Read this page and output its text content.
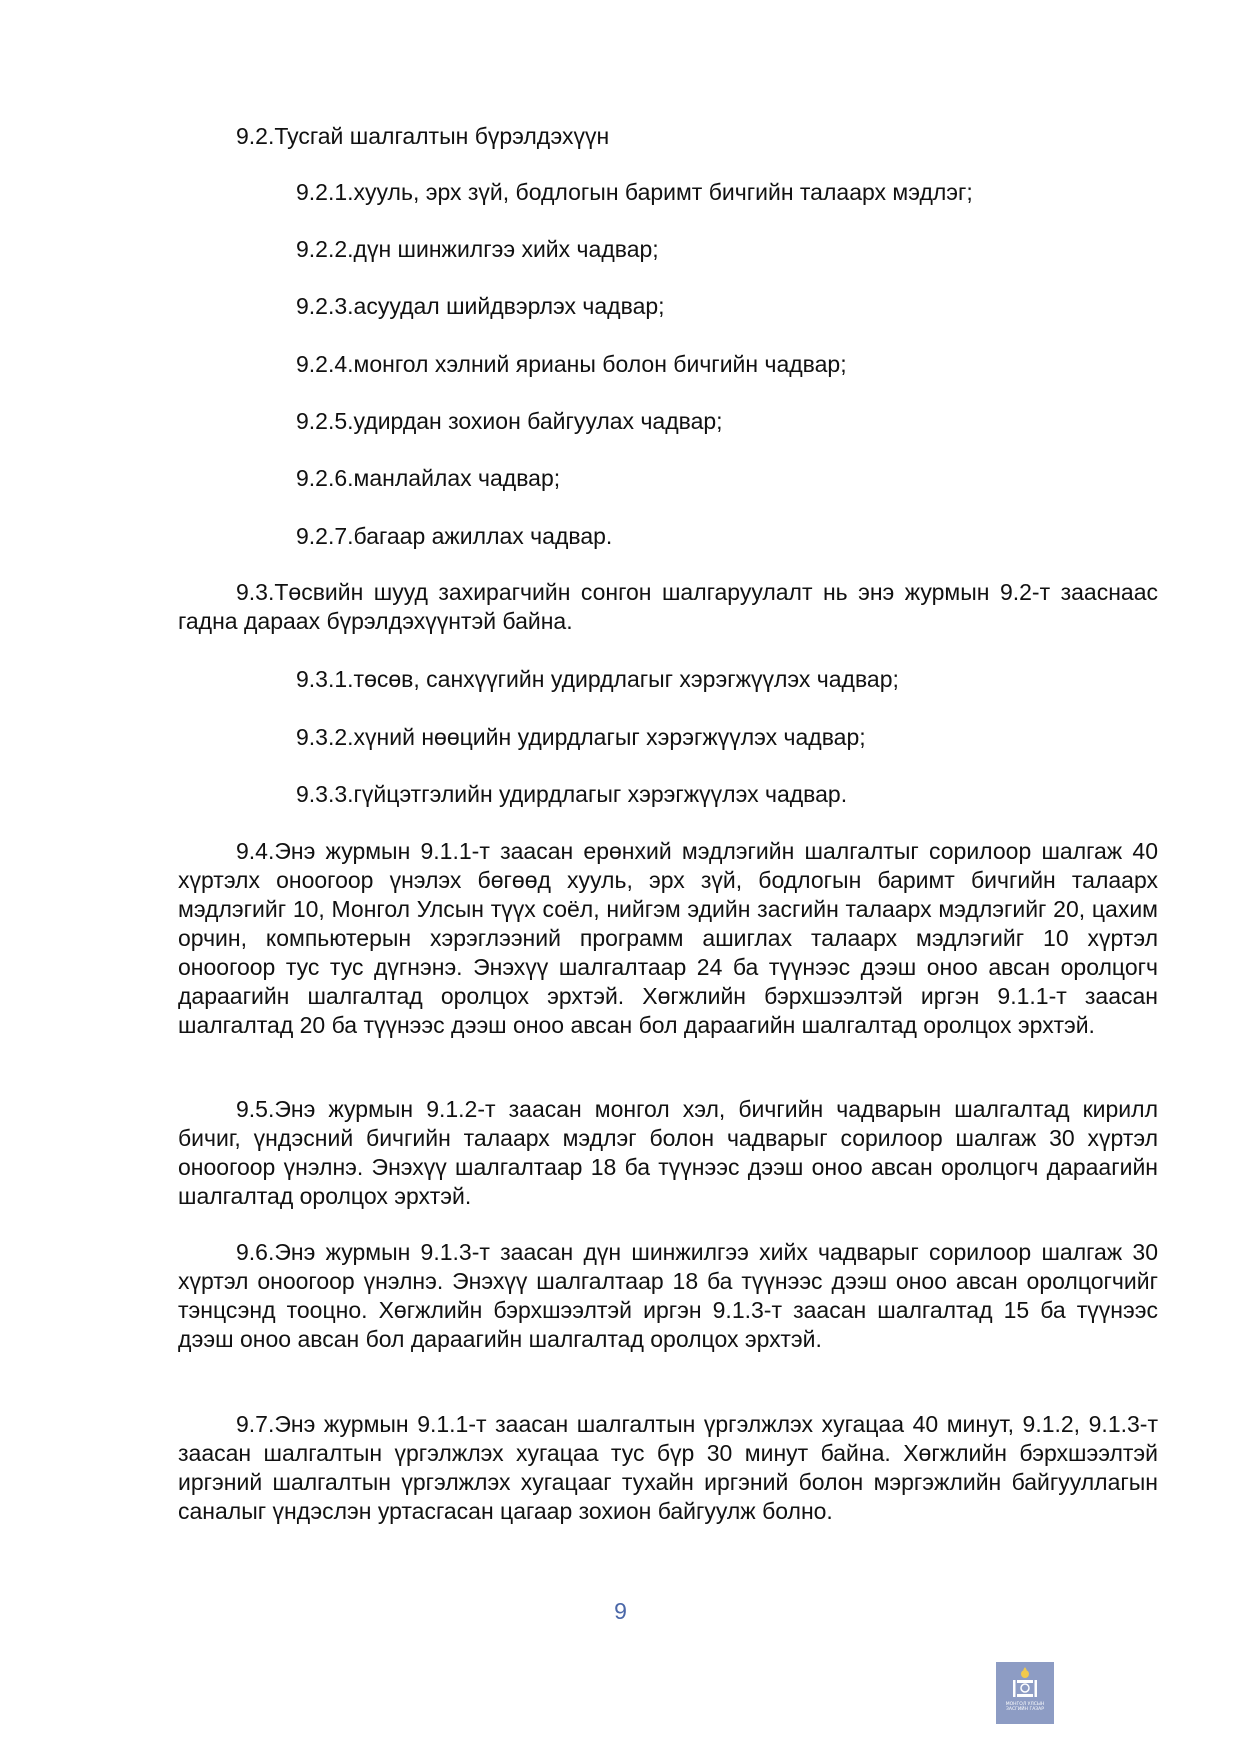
9.2.Тусгай шалгалтын бүрэлдэхүүн

9.2.1.хууль, эрх зүй, бодлогын баримт бичгийн талаарх мэдлэг;

9.2.2.дүн шинжилгээ хийх чадвар;

9.2.3.асуудал шийдвэрлэх чадвар;

9.2.4.монгол хэлний ярианы болон бичгийн чадвар;

9.2.5.удирдан зохион байгуулах чадвар;

9.2.6.манлайлах чадвар;

9.2.7.багаар ажиллах чадвар.

9.3.Төсвийн шууд захирагчийн сонгон шалгаруулалт нь энэ журмын 9.2-т зааснаас гадна дараах бүрэлдэхүүнтэй байна.

9.3.1.төсөв, санхүүгийн удирдлагыг хэрэгжүүлэх чадвар;

9.3.2.хүний нөөцийн удирдлагыг хэрэгжүүлэх чадвар;

9.3.3.гүйцэтгэлийн удирдлагыг хэрэгжүүлэх чадвар.

9.4.Энэ журмын 9.1.1-т заасан ерөнхий мэдлэгийн шалгалтыг сорилоор шалгаж 40 хүртэлх оноогоор үнэлэх бөгөөд хууль, эрх зүй, бодлогын баримт бичгийн талаарх мэдлэгийг 10, Монгол Улсын түүх соёл, нийгэм эдийн засгийн талаарх мэдлэгийг 20, цахим орчин, компьютерын хэрэглээний программ ашиглах талаарх мэдлэгийг 10 хүртэл оноогоор тус тус дүгнэнэ. Энэхүү шалгалтаар 24 ба түүнээс дээш оноо авсан оролцогч дараагийн шалгалтад оролцох эрхтэй. Хөгжлийн бэрхшээлтэй иргэн 9.1.1-т заасан шалгалтад 20 ба түүнээс дээш оноо авсан бол дараагийн шалгалтад оролцох эрхтэй.

9.5.Энэ журмын 9.1.2-т заасан монгол хэл, бичгийн чадварын шалгалтад кирилл бичиг, үндэсний бичгийн талаарх мэдлэг болон чадварыг сорилоор шалгаж 30 хүртэл оноогоор үнэлнэ. Энэхүү шалгалтаар 18 ба түүнээс дээш оноо авсан оролцогч дараагийн шалгалтад оролцох эрхтэй.

9.6.Энэ журмын 9.1.3-т заасан дүн шинжилгээ хийх чадварыг сорилоор шалгаж 30 хүртэл оноогоор үнэлнэ. Энэхүү шалгалтаар 18 ба түүнээс дээш оноо авсан оролцогчийг тэнцсэнд тооцно. Хөгжлийн бэрхшээлтэй иргэн 9.1.3-т заасан шалгалтад 15 ба түүнээс дээш оноо авсан бол дараагийн шалгалтад оролцох эрхтэй.

9.7.Энэ журмын 9.1.1-т заасан шалгалтын үргэлжлэх хугацаа 40 минут, 9.1.2, 9.1.3-т заасан шалгалтын үргэлжлэх хугацаа тус бүр 30 минут байна. Хөгжлийн бэрхшээлтэй иргэний шалгалтын үргэлжлэх хугацааг тухайн иргэний болон мэргэжлийн байгууллагын саналыг үндэслэн уртасгасан цагаар зохион байгуулж болно.

9
МОНГОЛ УЛСЫН ЗАСГИЙН ГАЗАР
